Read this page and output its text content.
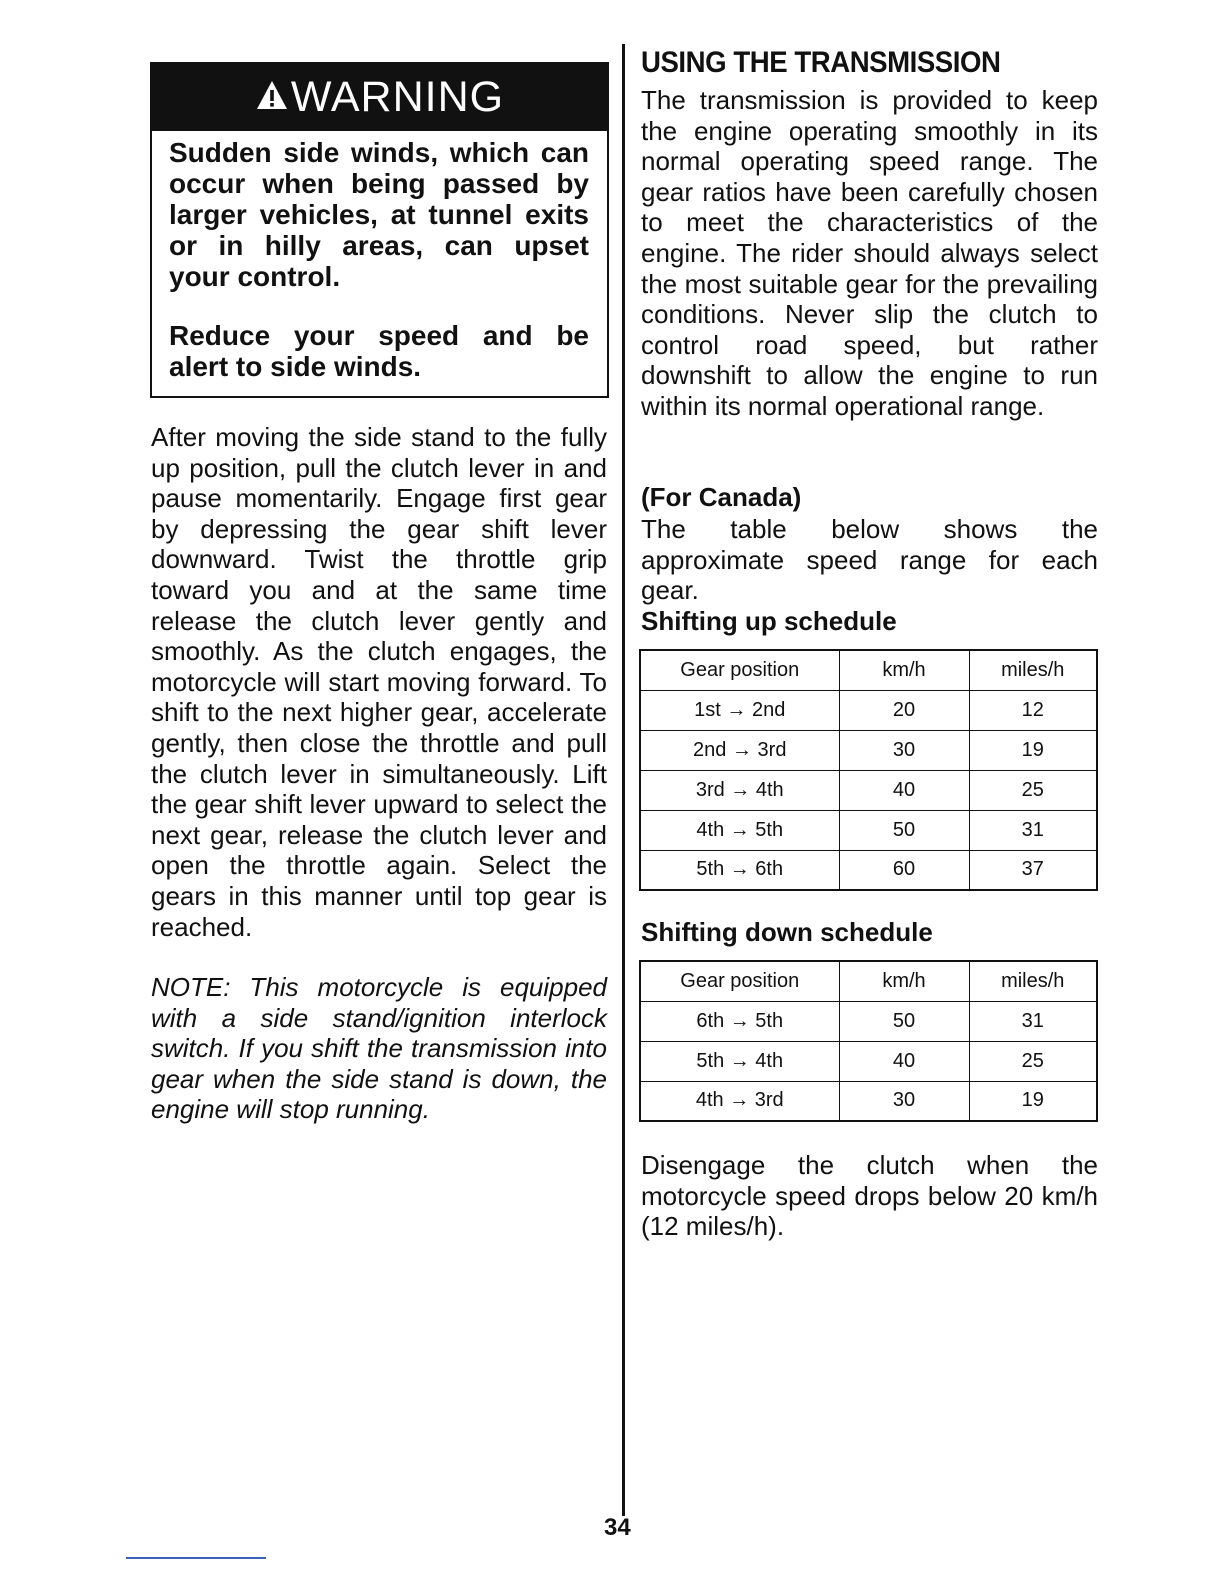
WARNING

Sudden side winds, which can occur when being passed by larger vehicles, at tunnel exits or in hilly areas, can upset your control.

Reduce your speed and be alert to side winds.

After moving the side stand to the fully up position, pull the clutch lever in and pause momentarily. Engage first gear by depressing the gear shift lever downward. Twist the throttle grip toward you and at the same time release the clutch lever gently and smoothly. As the clutch engages, the motorcycle will start moving forward. To shift to the next higher gear, accelerate gently, then close the throttle and pull the clutch lever in simultaneously. Lift the gear shift lever upward to select the next gear, release the clutch lever and open the throttle again. Select the gears in this manner until top gear is reached.

NOTE: This motorcycle is equipped with a side stand/ignition interlock switch. If you shift the transmission into gear when the side stand is down, the engine will stop running.

USING THE TRANSMISSION

The transmission is provided to keep the engine operating smoothly in its normal operating speed range. The gear ratios have been carefully chosen to meet the characteristics of the engine. The rider should always select the most suitable gear for the prevailing conditions. Never slip the clutch to control road speed, but rather downshift to allow the engine to run within its normal operational range.

(For Canada)

The table below shows the approximate speed range for each gear.

Shifting up schedule
Gear position	km/h	miles/h
1st → 2nd	20	12
2nd → 3rd	30	19
3rd → 4th	40	25
4th → 5th	50	31
5th → 6th	60	37
Shifting down schedule
Gear position	km/h	miles/h
6th → 5th	50	31
5th → 4th	40	25
4th → 3rd	30	19

Disengage the clutch when the motorcycle speed drops below 20 km/h (12 miles/h).

34
